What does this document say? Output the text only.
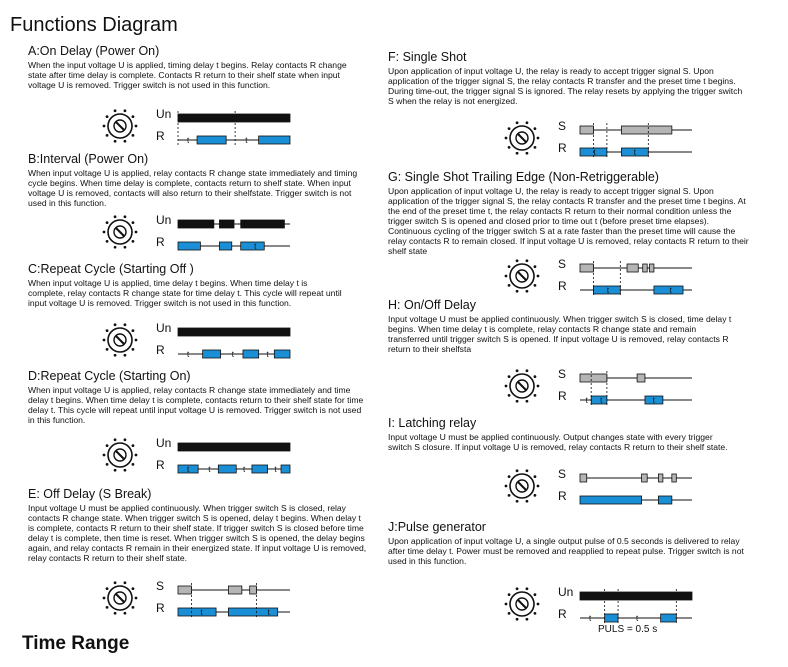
Functions Diagram
A:On Delay (Power On)
When the input voltage U is applied, timing delay t begins. Relay contacts R change state after time delay is complete. Contacts R return to their shelf state when input voltage U is removed. Trigger switch is not used in this function.
Un
R	t	t
B:Interval (Power On)
When input voltage U is applied, relay contacts R change state immediately and timing cycle begins. When time delay is complete, contacts return to shelf state. When input voltage U is removed, contacts will also return to their shelfstate. Trigger switch is not used in this function.
Un
R	t
C:Repeat Cycle (Starting Off )
When input voltage U is applied, time delay t begins. When time delay t is complete, relay contacts R change state for time delay t. This cycle will repeat until input voltage U is removed. Trigger switch is not used in this function.
Un
R	t	t	t
D:Repeat Cycle (Starting On)
When input voltage U is applied, relay contacts R change state immediately and time delay t begins. When time delay t is complete, contacts return to their shelf state for time delay t. This cycle will repeat until input voltage U is removed. Trigger switch is not used in this function.
Un
R	t t	t	t
E: Off Delay (S Break)
Input voltage U must be applied continuously. When trigger switch S is closed, relay contacts R change state. When trigger switch S is opened, delay t begins. When delay t is complete, contacts R return to their shelf state. If trigger switch S is closed before time delay t is complete, then time is reset. When trigger switch S is opened, the delay begins again, and relay contacts R remain in their energized state. If input voltage U is removed, relay contacts R return to their shelf state.
S
R	t	t
Time Range
F: Single Shot
Upon application of input voltage U, the relay is ready to accept trigger signal S. Upon application of the trigger signal S, the relay contacts R transfer and the preset time t begins. During time-out, the trigger signal S is ignored. The relay resets by applying the trigger switch S when the relay is not energized.
S
R	t	t
G: Single Shot Trailing Edge (Non-Retriggerable)
Upon application of input voltage U, the relay is ready to accept trigger signal S. Upon application of the trigger signal S, the relay contacts R transfer and the preset time t begins. At the end of the preset time t, the relay contacts R return to their normal condition unless the trigger switch S is opened and closed prior to time out t (before preset time elapses). Continuous cycling of the trigger switch S at a rate faster than the preset time will cause the relay contacts R to remain closed. If input voltage U is removed, relay contacts R return to their shelf state
S
R	t	t
H: On/Off Delay
Input voltage U must be applied continuously. When trigger switch S is closed, time delay t begins. When time delay t is complete, relay contacts R change state and remain transferred until trigger switch S is opened. If input voltage U is removed, relay contacts R return to their shelfsta
S
R t t	t
I: Latching relay
Input voltage U must be applied continuously. Output changes state with every trigger switch S closure. If input voltage U is removed, relay contacts R return to their shelf state.
S
R
J:Pulse generator
Upon application of input voltage U, a single output pulse of 0.5 seconds is delivered to relay after time delay t. Power must be removed and reapplied to repeat pulse. Trigger switch is not used in this function.
Un
R	t	t
PULS = 0.5 s
